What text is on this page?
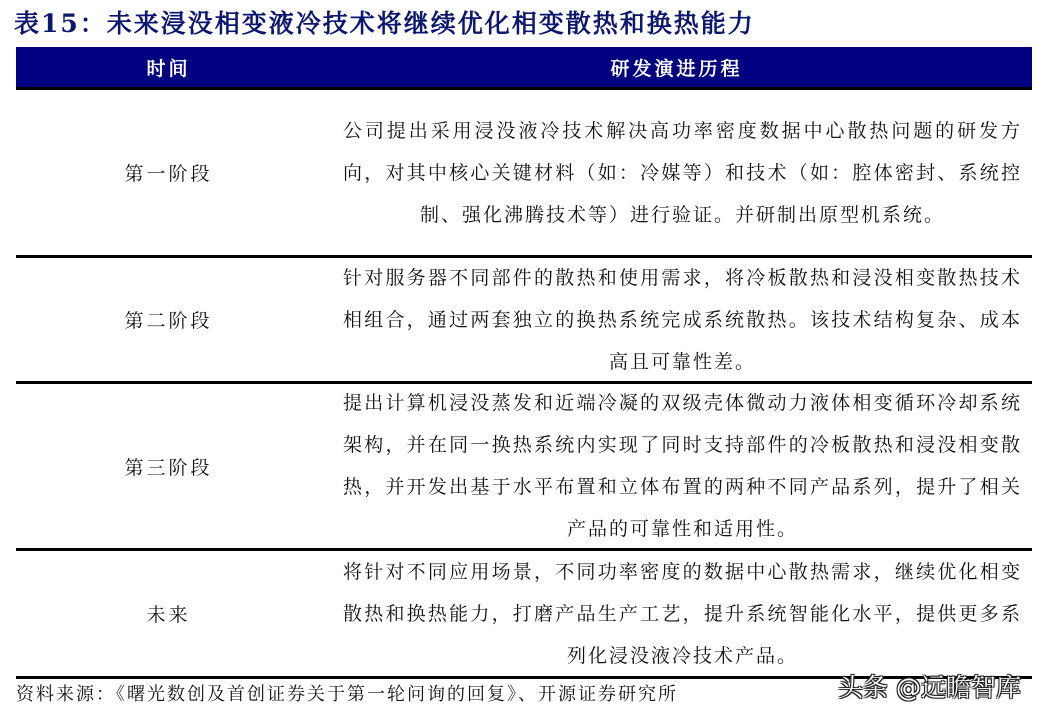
表15：未来浸没相变液冷技术将继续优化相变散热和换热能力
时间	研发演进历程
第一阶段
公司提出采用浸没液冷技术解决高功率密度数据中心散热问题的研发方向，对其中核心关键材料（如：冷媒等）和技术（如：腔体密封、系统控制、强化沸腾技术等）进行验证。并研制出原型机系统。
第二阶段
针对服务器不同部件的散热和使用需求，将冷板散热和浸没相变散热技术相组合，通过两套独立的换热系统完成系统散热。该技术结构复杂、成本高且可靠性差。
第三阶段
提出计算机浸没蒸发和近端冷凝的双级壳体微动力液体相变循环冷却系统架构，并在同一换热系统内实现了同时支持部件的冷板散热和浸没相变散热，并开发出基于水平布置和立体布置的两种不同产品系列，提升了相关产品的可靠性和适用性。
未来
将针对不同应用场景，不同功率密度的数据中心散热需求，继续优化相变散热和换热能力，打磨产品生产工艺，提升系统智能化水平，提供更多系列化浸没液冷技术产品。
资料来源：《曙光数创及首创证券关于第一轮问询的回复》、开源证券研究所	头条 @远瞻智库
